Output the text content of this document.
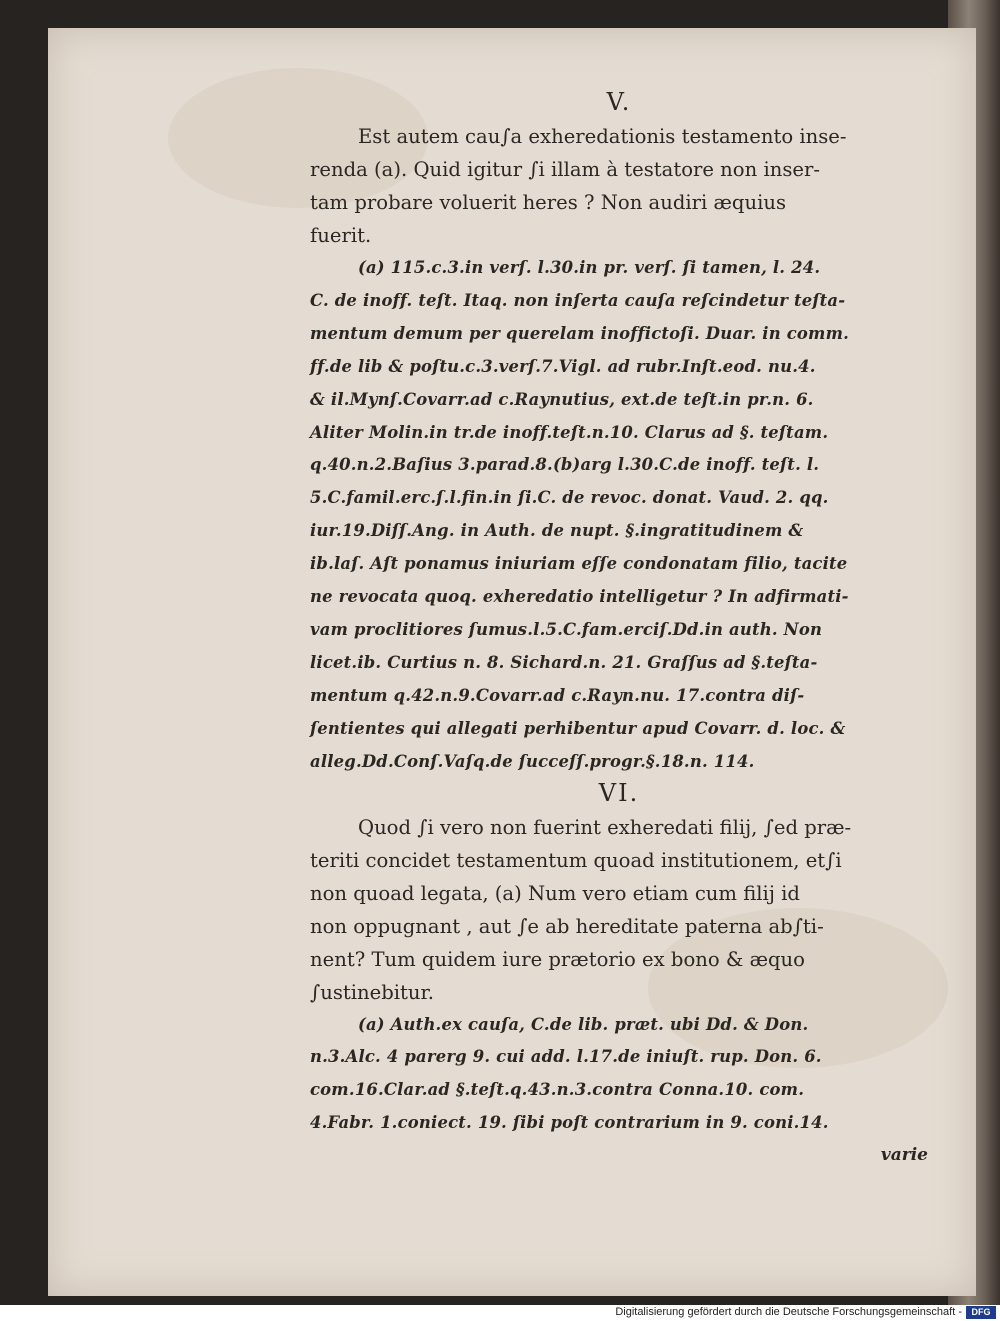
V.
Est autem cau∫a exheredationis testamento inse-
renda (a). Quid igitur ∫i illam à testatore non inser-
tam probare voluerit heres ? Non audiri æquius
fuerit.
(a) 115.c.3.in verſ. l.30.in pr. verſ. ſi tamen, l. 24.
C. de inoff. teſt. Itaq. non inſerta cauſa reſcindetur teſta-
mentum demum per querelam inoffictoſi. Duar. in comm.
ff.de lib & poſtu.c.3.verſ.7.Vigl. ad rubr.Inſt.eod. nu.4.
& il.Mynſ.Covarr.ad c.Raynutius, ext.de teſt.in pr.n. 6.
Aliter Molin.in tr.de inoff.teſt.n.10. Clarus ad §. teſtam.
q.40.n.2.Baſius 3.parad.8.(b)arg l.30.C.de inoff. teſt. l.
5.C.famil.erc.ſ.l.fin.in ſi.C. de revoc. donat. Vaud. 2. qq.
iur.19.Diſſ.Ang. in Auth. de nupt. §.ingratitudinem &
ib.laſ. Aſt ponamus iniuriam eſſe condonatam filio, tacite
ne revocata quoq. exheredatio intelligetur ? In adfirmati-
vam proclitiores ſumus.l.5.C.fam.erciſ.Dd.in auth. Non
licet.ib. Curtius n. 8. Sichard.n. 21. Graſſus ad §.teſta-
mentum q.42.n.9.Covarr.ad c.Rayn.nu. 17.contra diſ-
ſentientes qui allegati perhibentur apud Covarr. d. loc. &
alleg.Dd.Conſ.Vaſq.de ſucceſſ.progr.§.18.n. 114.
VI.
Quod ∫i vero non fuerint exheredati filij, ∫ed præ-
teriti concidet testamentum quoad institutionem, et∫i
non quoad legata, (a) Num vero etiam cum filij id
non oppugnant , aut ∫e ab hereditate paterna ab∫ti-
nent? Tum quidem iure prætorio ex bono & æquo
∫ustinebitur.
(a) Auth.ex cauſa, C.de lib. præt. ubi Dd. & Don.
n.3.Alc. 4 parerg 9. cui add. l.17.de iniuſt. rup. Don. 6.
com.16.Clar.ad §.teſt.q.43.n.3.contra Conna.10. com.
4.Fabr. 1.coniect. 19. ſibi poſt contrarium in 9. coni.14.
varie
Digitalisierung gefördert durch die Deutsche Forschungsgemeinschaft -	DFG
